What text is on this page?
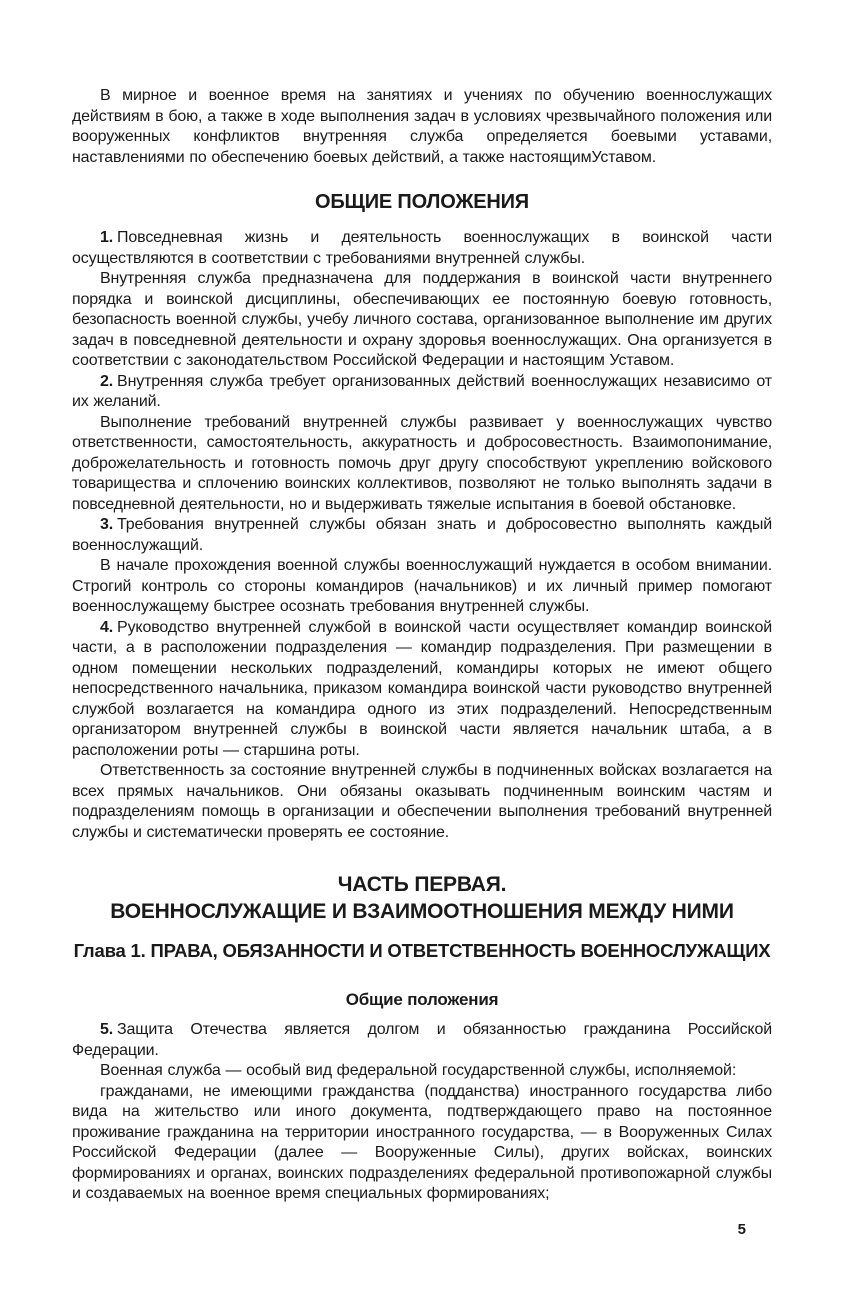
В мирное и военное время на занятиях и учениях по обучению военнослужащих действиям в бою, а также в ходе выполнения задач в условиях чрезвычайного положения или вооруженных конфликтов внутренняя служба определяется боевыми уставами, наставлениями по обеспечению боевых действий, а также настоящимУставом.

ОБЩИЕ ПОЛОЖЕНИЯ

1. Повседневная жизнь и деятельность военнослужащих в воинской части осуществляются в соответствии с требованиями внутренней службы.

Внутренняя служба предназначена для поддержания в воинской части внутреннего порядка и воинской дисциплины, обеспечивающих ее постоянную боевую готовность, безопасность военной службы, учебу личного состава, организованное выполнение им других задач в повседневной деятельности и охрану здоровья военнослужащих. Она организуется в соответствии с законодательством Российской Федерации и настоящим Уставом.

2. Внутренняя служба требует организованных действий военнослужащих независимо от их желаний.

Выполнение требований внутренней службы развивает у военнослужащих чувство ответственности, самостоятельность, аккуратность и добросовестность. Взаимопонимание, доброжелательность и готовность помочь друг другу способствуют укреплению войскового товарищества и сплочению воинских коллективов, позволяют не только выполнять задачи в повседневной деятельности, но и выдерживать тяжелые испытания в боевой обстановке.

3. Требования внутренней службы обязан знать и добросовестно выполнять каждый военнослужащий.

В начале прохождения военной службы военнослужащий нуждается в особом внимании. Строгий контроль со стороны командиров (начальников) и их личный пример помогают военнослужащему быстрее осознать требования внутренней службы.

4. Руководство внутренней службой в воинской части осуществляет командир воинской части, а в расположении подразделения — командир подразделения. При размещении в одном помещении нескольких подразделений, командиры которых не имеют общего непосредственного начальника, приказом командира воинской части руководство внутренней службой возлагается на командира одного из этих подразделений. Непосредственным организатором внутренней службы в воинской части является начальник штаба, а в расположении роты — старшина роты.

Ответственность за состояние внутренней службы в подчиненных войсках возлагается на всех прямых начальников. Они обязаны оказывать подчиненным воинским частям и подразделениям помощь в организации и обеспечении выполнения требований внутренней службы и систематически проверять ее состояние.

ЧАСТЬ ПЕРВАЯ.
ВОЕННОСЛУЖАЩИЕ И ВЗАИМООТНОШЕНИЯ МЕЖДУ НИМИ
Глава 1. ПРАВА, ОБЯЗАННОСТИ И ОТВЕТСТВЕННОСТЬ ВОЕННОСЛУЖАЩИХ
Общие положения

5. Защита Отечества является долгом и обязанностью гражданина Российской Федерации.

Военная служба — особый вид федеральной государственной службы, исполняемой:

гражданами, не имеющими гражданства (подданства) иностранного государства либо вида на жительство или иного документа, подтверждающего право на постоянное проживание гражданина на территории иностранного государства, — в Вооруженных Силах Российской Федерации (далее — Вооруженные Силы), других войсках, воинских формированиях и органах, воинских подразделениях федеральной противопожарной службы и создаваемых на военное время специальных формированиях;

5
